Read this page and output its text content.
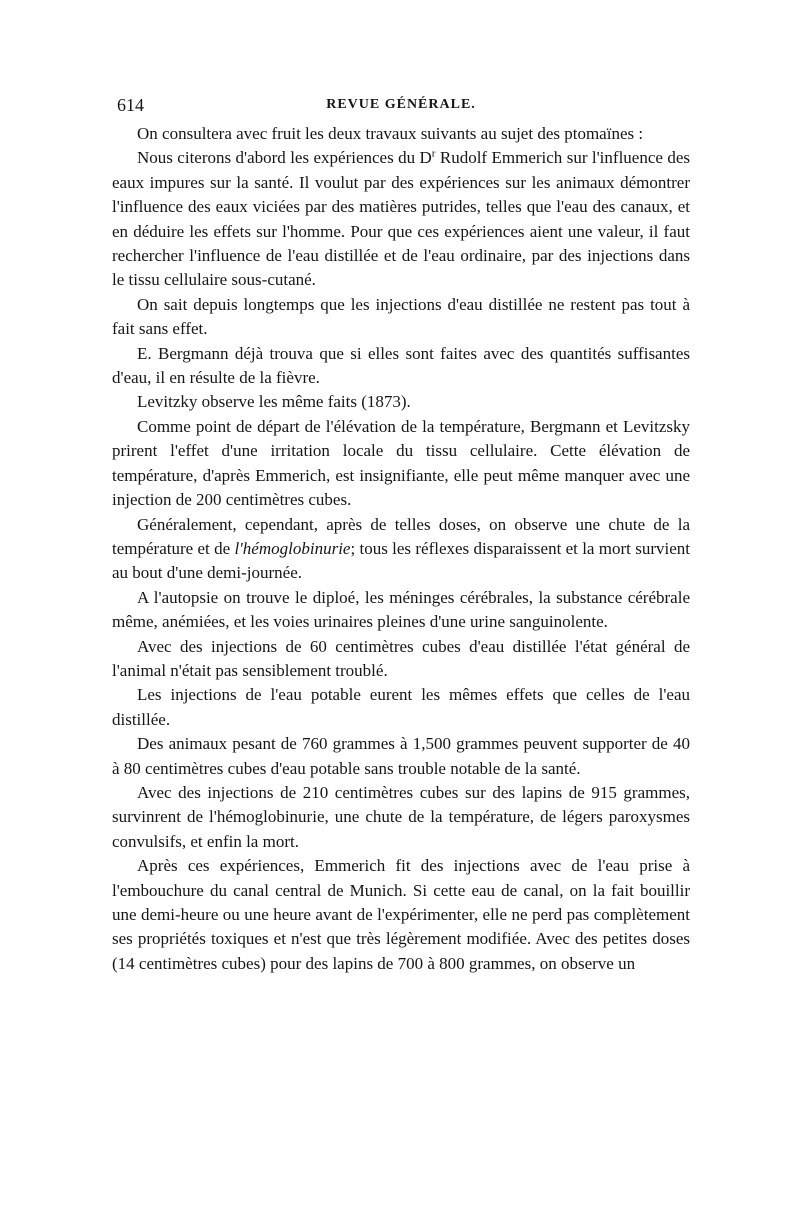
614	REVUE GÉNÉRALE.

On consultera avec fruit les deux travaux suivants au sujet des ptomaïnes :

Nous citerons d'abord les expériences du $D^r$ Rudolf Emmerich sur l'influence des eaux impures sur la santé. Il voulut par des expériences sur les animaux démontrer l'influence des eaux viciées par des matières putrides, telles que l'eau des canaux, et en déduire les effets sur l'homme. Pour que ces expériences aient une valeur, il faut rechercher l'influence de l'eau distillée et de l'eau ordinaire, par des injections dans le tissu cellulaire sous-cutané.

On sait depuis longtemps que les injections d'eau distillée ne restent pas tout à fait sans effet.

E. Bergmann déjà trouva que si elles sont faites avec des quantités suffisantes d'eau, il en résulte de la fièvre.

Levitzky observe les même faits (1873).

Comme point de départ de l'élévation de la température, Bergmann et Levitzsky prirent l'effet d'une irritation locale du tissu cellulaire. Cette élévation de température, d'après Emmerich, est insignifiante, elle peut même manquer avec une injection de 200 centimètres cubes.

Généralement, cependant, après de telles doses, on observe une chute de la température et de l'hémoglobinurie; tous les réflexes disparaissent et la mort survient au bout d'une demi-journée.

A l'autopsie on trouve le diploé, les méninges cérébrales, la substance cérébrale même, anémiées, et les voies urinaires pleines d'une urine sanguinolente.

Avec des injections de 60 centimètres cubes d'eau distillée l'état général de l'animal n'était pas sensiblement troublé.

Les injections de l'eau potable eurent les mêmes effets que celles de l'eau distillée.

Des animaux pesant de 760 grammes à 1,500 grammes peuvent supporter de 40 à 80 centimètres cubes d'eau potable sans trouble notable de la santé.

Avec des injections de 210 centimètres cubes sur des lapins de 915 grammes, survinrent de l'hémoglobinurie, une chute de la température, de légers paroxysmes convulsifs, et enfin la mort.

Après ces expériences, Emmerich fit des injections avec de l'eau prise à l'embouchure du canal central de Munich. Si cette eau de canal, on la fait bouillir une demi-heure ou une heure avant de l'expérimenter, elle ne perd pas complètement ses propriétés toxiques et n'est que très légèrement modifiée. Avec des petites doses (14 centimètres cubes) pour des lapins de 700 à 800 grammes, on observe un
